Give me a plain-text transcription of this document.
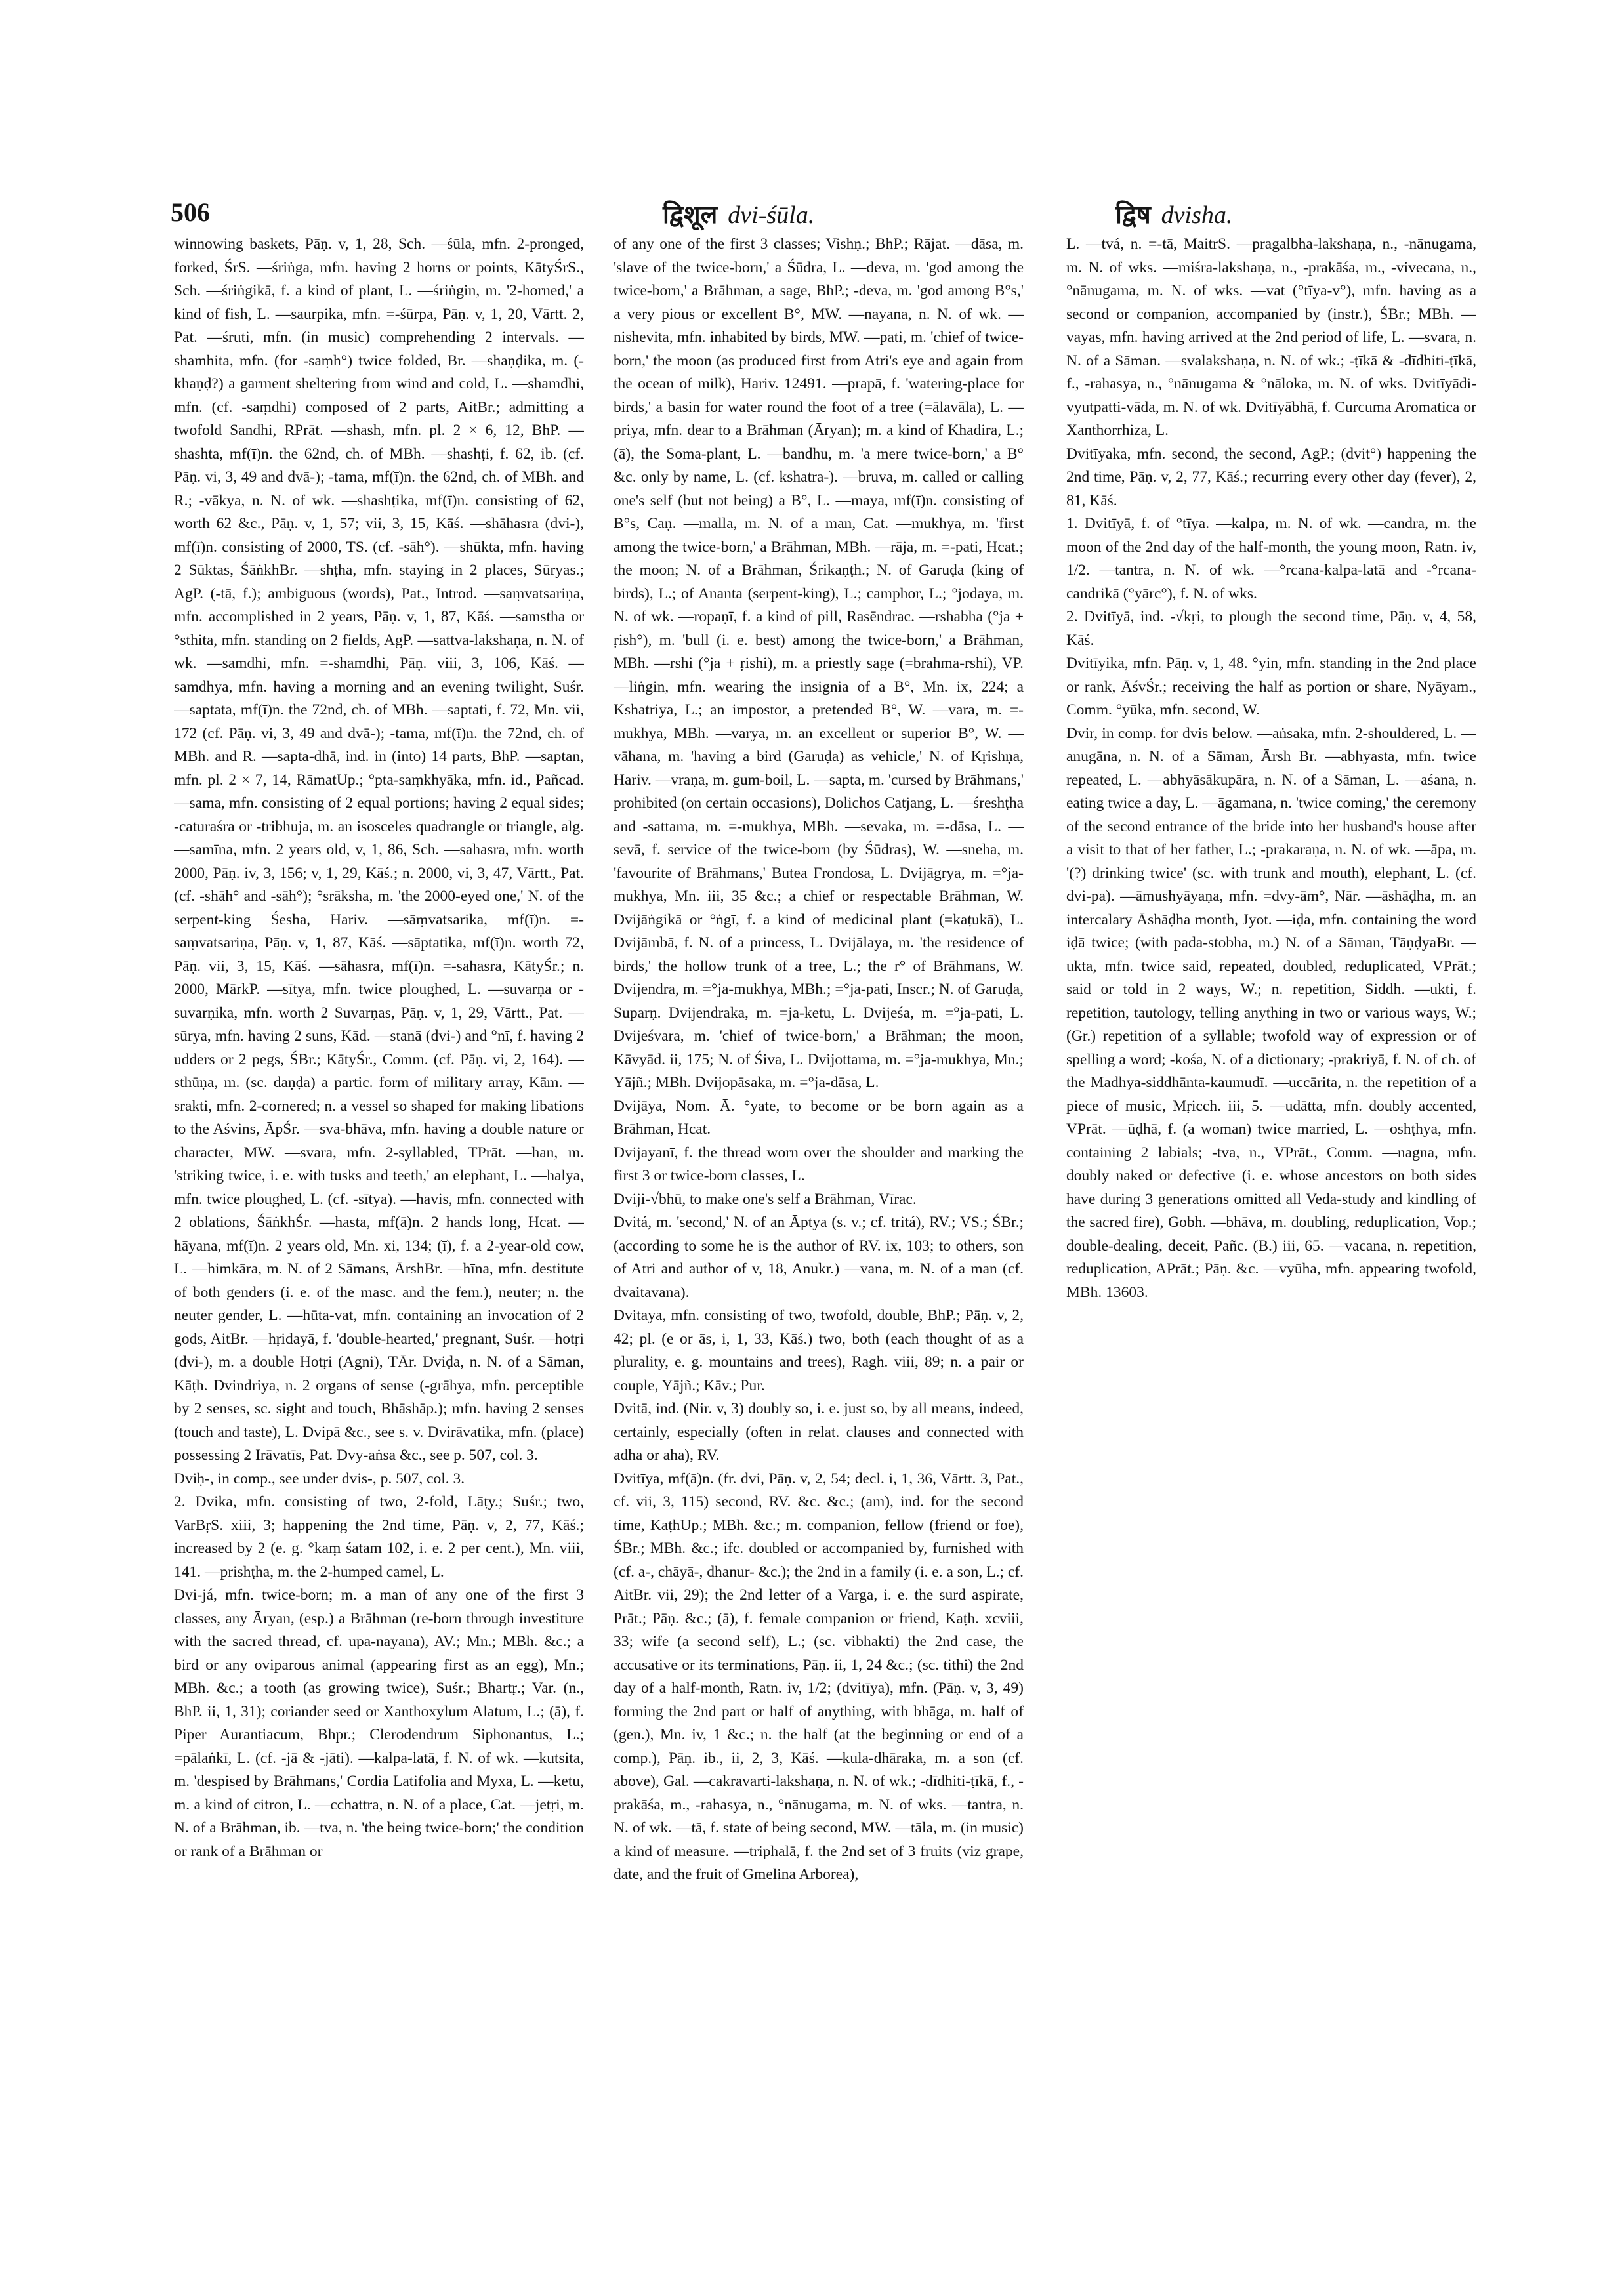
506	द्विशूल dvi-śūla.	द्विष dvisha.

winnowing baskets, Pāṇ. v, 1, 28, Sch. —śūla, mfn. 2-pronged, forked, ŚrS. —śriṅga, mfn. having 2 horns or points, KātyŚrS., Sch. —śriṅgikā, f. a kind of plant, L. —śriṅgin, m. '2-horned,' a kind of fish, L. —saurpika, mfn. =-śūrpa, Pāṇ. v, 1, 20, Vārtt. 2, Pat. —śruti, mfn. (in music) comprehending 2 intervals. —shamhita, mfn. (for -saṃh°) twice folded, Br. —shaṇḍika, m. (-khaṇḍ?) a garment sheltering from wind and cold, L. —shamdhi, mfn. (cf. -saṃdhi) composed of 2 parts, AitBr.; admitting a twofold Sandhi, RPrāt. —shash, mfn. pl. 2 × 6, 12, BhP. —shashta, mf(ī)n. the 62nd, ch. of MBh. —shashṭi, f. 62, ib. (cf. Pāṇ. vi, 3, 49 and dvā-); -tama, mf(ī)n. the 62nd, ch. of MBh. and R.; -vākya, n. N. of wk. —shashṭika, mf(ī)n. consisting of 62, worth 62 &c., Pāṇ. v, 1, 57; vii, 3, 15, Kāś. —shāhasra (dvi-), mf(ī)n. consisting of 2000, TS. (cf. -sāh°). —shūkta, mfn. having 2 Sūktas, ŚāṅkhBr. —shṭha, mfn. staying in 2 places, Sūryas.; AgP. (-tā, f.); ambiguous (words), Pat., Introd. —saṃvatsariṇa, mfn. accomplished in 2 years, Pāṇ. v, 1, 87, Kāś. —samstha or °sthita, mfn. standing on 2 fields, AgP. —sattva-lakshaṇa, n. N. of wk. —samdhi, mfn. =-shamdhi, Pāṇ. viii, 3, 106, Kāś. —samdhya, mfn. having a morning and an evening twilight, Suśr. —saptata, mf(ī)n. the 72nd, ch. of MBh. —saptati, f. 72, Mn. vii, 172 (cf. Pāṇ. vi, 3, 49 and dvā-); -tama, mf(ī)n. the 72nd, ch. of MBh. and R. —sapta-dhā, ind. in (into) 14 parts, BhP. —saptan, mfn. pl. 2 × 7, 14, RāmatUp.; °pta-saṃkhyāka, mfn. id., Pañcad. —sama, mfn. consisting of 2 equal portions; having 2 equal sides; -caturaśra or -tribhuja, m. an isosceles quadrangle or triangle, alg. —samīna, mfn. 2 years old, v, 1, 86, Sch. —sahasra, mfn. worth 2000, Pāṇ. iv, 3, 156; v, 1, 29, Kāś.; n. 2000, vi, 3, 47, Vārtt., Pat. (cf. -shāh° and -sāh°); °srāksha, m. 'the 2000-eyed one,' N. of the serpent-king Śesha, Hariv. —sāṃvatsarika, mf(ī)n. =-saṃvatsariṇa, Pāṇ. v, 1, 87, Kāś. —sāptatika, mf(ī)n. worth 72, Pāṇ. vii, 3, 15, Kāś. —sāhasra, mf(ī)n. =-sahasra, KātyŚr.; n. 2000, MārkP. —sītya, mfn. twice ploughed, L. —suvarṇa or -suvarṇika, mfn. worth 2 Suvarṇas, Pāṇ. v, 1, 29, Vārtt., Pat. —sūrya, mfn. having 2 suns, Kād. —stanā (dvi-) and °nī, f. having 2 udders or 2 pegs, ŚBr.; KātyŚr., Comm. (cf. Pāṇ. vi, 2, 164). —sthūṇa, m. (sc. daṇḍa) a partic. form of military array, Kām. —srakti, mfn. 2-cornered; n. a vessel so shaped for making libations to the Aśvins, ĀpŚr. —sva-bhāva, mfn. having a double nature or character, MW. —svara, mfn. 2-syllabled, TPrāt. —han, m. 'striking twice, i. e. with tusks and teeth,' an elephant, L. —halya, mfn. twice ploughed, L. (cf. -sītya). —havis, mfn. connected with 2 oblations, ŚāṅkhŚr. —hasta, mf(ā)n. 2 hands long, Hcat. —hāyana, mf(ī)n. 2 years old, Mn. xi, 134; (ī), f. a 2-year-old cow, L. —himkāra, m. N. of 2 Sāmans, ĀrshBr. —hīna, mfn. destitute of both genders (i. e. of the masc. and the fem.), neuter; n. the neuter gender, L. —hūta-vat, mfn. containing an invocation of 2 gods, AitBr. —hṛidayā, f. 'double-hearted,' pregnant, Suśr. —hotṛi (dvi-), m. a double Hotṛi (Agni), TĀr. Dviḍa, n. N. of a Sāman, Kāṭh. Dvindriya, n. 2 organs of sense (-grāhya, mfn. perceptible by 2 senses, sc. sight and touch, Bhāshāp.); mfn. having 2 senses (touch and taste), L. Dvipā &c., see s. v. Dvirāvatika, mfn. (place) possessing 2 Irāvatīs, Pat. Dvy-aṅsa &c., see p. 507, col. 3.

Dviḥ-, in comp., see under dvis-, p. 507, col. 3.

2. Dvika, mfn. consisting of two, 2-fold, Lāṭy.; Suśr.; two, VarBṛS. xiii, 3; happening the 2nd time, Pāṇ. v, 2, 77, Kāś.; increased by 2 (e. g. °kaṃ śatam 102, i. e. 2 per cent.), Mn. viii, 141. —prishṭha, m. the 2-humped camel, L.

Dvi-já, mfn. twice-born; m. a man of any one of the first 3 classes, any Āryan, (esp.) a Brāhman (re-born through investiture with the sacred thread, cf. upa-nayana), AV.; Mn.; MBh. &c.; a bird or any oviparous animal (appearing first as an egg), Mn.; MBh. &c.; a tooth (as growing twice), Suśr.; Bhartṛ.; Var. (n., BhP. ii, 1, 31); coriander seed or Xanthoxylum Alatum, L.; (ā), f. Piper Aurantiacum, Bhpr.; Clerodendrum Siphonantus, L.; =pālaṅkī, L. (cf. -jā & -jāti). —kalpa-latā, f. N. of wk. —kutsita, m. 'despised by Brāhmans,' Cordia Latifolia and Myxa, L. —ketu, m. a kind of citron, L. —cchattra, n. N. of a place, Cat. —jetṛi, m. N. of a Brāhman, ib. —tva, n. 'the being twice-born;' the condition or rank of a Brāhman or

of any one of the first 3 classes; Vishṇ.; BhP.; Rājat. —dāsa, m. 'slave of the twice-born,' a Śūdra, L. —deva, m. 'god among the twice-born,' a Brāhman, a sage, BhP.; -deva, m. 'god among B°s,' a very pious or excellent B°, MW. —nayana, n. N. of wk. —nishevita, mfn. inhabited by birds, MW. —pati, m. 'chief of twice-born,' the moon (as produced first from Atri's eye and again from the ocean of milk), Hariv. 12491. —prapā, f. 'watering-place for birds,' a basin for water round the foot of a tree (=ālavāla), L. —priya, mfn. dear to a Brāhman (Āryan); m. a kind of Khadira, L.; (ā), the Soma-plant, L. —bandhu, m. 'a mere twice-born,' a B° &c. only by name, L. (cf. kshatra-). —bruva, m. called or calling one's self (but not being) a B°, L. —maya, mf(ī)n. consisting of B°s, Caṇ. —malla, m. N. of a man, Cat. —mukhya, m. 'first among the twice-born,' a Brāhman, MBh. —rāja, m. =-pati, Hcat.; the moon; N. of a Brāhman, Śrikaṇṭh.; N. of Garuḍa (king of birds), L.; of Ananta (serpent-king), L.; camphor, L.; °jodaya, m. N. of wk. —ropaṇī, f. a kind of pill, Rasēndrac. —rshabha (°ja + ṛish°), m. 'bull (i. e. best) among the twice-born,' a Brāhman, MBh. —rshi (°ja + ṛishi), m. a priestly sage (=brahma-rshi), VP. —liṅgin, mfn. wearing the insignia of a B°, Mn. ix, 224; a Kshatriya, L.; an impostor, a pretended B°, W. —vara, m. =-mukhya, MBh. —varya, m. an excellent or superior B°, W. —vāhana, m. 'having a bird (Garuḍa) as vehicle,' N. of Kṛishṇa, Hariv. —vraṇa, m. gum-boil, L. —sapta, m. 'cursed by Brāhmans,' prohibited (on certain occasions), Dolichos Catjang, L. —śreshṭha and -sattama, m. =-mukhya, MBh. —sevaka, m. =-dāsa, L. —sevā, f. service of the twice-born (by Śūdras), W. —sneha, m. 'favourite of Brāhmans,' Butea Frondosa, L. Dvijāgrya, m. =°ja-mukhya, Mn. iii, 35 &c.; a chief or respectable Brāhman, W. Dvijāṅgikā or °ṅgī, f. a kind of medicinal plant (=kaṭukā), L. Dvijāmbā, f. N. of a princess, L. Dvijālaya, m. 'the residence of birds,' the hollow trunk of a tree, L.; the r° of Brāhmans, W. Dvijendra, m. =°ja-mukhya, MBh.; =°ja-pati, Inscr.; N. of Garuḍa, Suparṇ. Dvijendraka, m. =ja-ketu, L. Dvijeśa, m. =°ja-pati, L. Dvijeśvara, m. 'chief of twice-born,' a Brāhman; the moon, Kāvyād. ii, 175; N. of Śiva, L. Dvijottama, m. =°ja-mukhya, Mn.; Yājñ.; MBh. Dvijopāsaka, m. =°ja-dāsa, L.

Dvijāya, Nom. Ā. °yate, to become or be born again as a Brāhman, Hcat.

Dvijayanī, f. the thread worn over the shoulder and marking the first 3 or twice-born classes, L.

Dviji-√bhū, to make one's self a Brāhman, Vīrac.

Dvitá, m. 'second,' N. of an Āptya (s. v.; cf. tritá), RV.; VS.; ŚBr.; (according to some he is the author of RV. ix, 103; to others, son of Atri and author of v, 18, Anukr.) —vana, m. N. of a man (cf. dvaitavana).

Dvitaya, mfn. consisting of two, twofold, double, BhP.; Pāṇ. v, 2, 42; pl. (e or ās, i, 1, 33, Kāś.) two, both (each thought of as a plurality, e. g. mountains and trees), Ragh. viii, 89; n. a pair or couple, Yājñ.; Kāv.; Pur.

Dvitā, ind. (Nir. v, 3) doubly so, i. e. just so, by all means, indeed, certainly, especially (often in relat. clauses and connected with adha or aha), RV.

Dvitīya, mf(ā)n. (fr. dvi, Pāṇ. v, 2, 54; decl. i, 1, 36, Vārtt. 3, Pat., cf. vii, 3, 115) second, RV. &c. &c.; (am), ind. for the second time, KaṭhUp.; MBh. &c.; m. companion, fellow (friend or foe), ŚBr.; MBh. &c.; ifc. doubled or accompanied by, furnished with (cf. a-, chāyā-, dhanur- &c.); the 2nd in a family (i. e. a son, L.; cf. AitBr. vii, 29); the 2nd letter of a Varga, i. e. the surd aspirate, Prāt.; Pāṇ. &c.; (ā), f. female companion or friend, Kaṭh. xcviii, 33; wife (a second self), L.; (sc. vibhakti) the 2nd case, the accusative or its terminations, Pāṇ. ii, 1, 24 &c.; (sc. tithi) the 2nd day of a half-month, Ratn. iv, 1/2; (dvitīya), mfn. (Pāṇ. v, 3, 49) forming the 2nd part or half of anything, with bhāga, m. half of (gen.), Mn. iv, 1 &c.; n. the half (at the beginning or end of a comp.), Pāṇ. ib., ii, 2, 3, Kāś. —kula-dhāraka, m. a son (cf. above), Gal. —cakravarti-lakshaṇa, n. N. of wk.; -dīdhiti-ṭīkā, f., -prakāśa, m., -rahasya, n., °nānugama, m. N. of wks. —tantra, n. N. of wk. —tā, f. state of being second, MW. —tāla, m. (in music) a kind of measure. —triphalā, f. the 2nd set of 3 fruits (viz grape, date, and the fruit of Gmelina Arborea),

L. —tvá, n. =-tā, MaitrS. —pragalbha-lakshaṇa, n., -nānugama, m. N. of wks. —miśra-lakshaṇa, n., -prakāśa, m., -vivecana, n., °nānugama, m. N. of wks. —vat (°tīya-v°), mfn. having as a second or companion, accompanied by (instr.), ŚBr.; MBh. —vayas, mfn. having arrived at the 2nd period of life, L. —svara, n. N. of a Sāman. —svalakshaṇa, n. N. of wk.; -ṭīkā & -dīdhiti-ṭīkā, f., -rahasya, n., °nānugama & °nāloka, m. N. of wks. Dvitīyādi-vyutpatti-vāda, m. N. of wk. Dvitīyābhā, f. Curcuma Aromatica or Xanthorrhiza, L.

Dvitīyaka, mfn. second, the second, AgP.; (dvit°) happening the 2nd time, Pāṇ. v, 2, 77, Kāś.; recurring every other day (fever), 2, 81, Kāś.

1. Dvitīyā, f. of °tīya. —kalpa, m. N. of wk. —candra, m. the moon of the 2nd day of the half-month, the young moon, Ratn. iv, 1/2. —tantra, n. N. of wk. —°rcana-kalpa-latā and -°rcana-candrikā (°yārc°), f. N. of wks.

2. Dvitīyā, ind. -√kṛi, to plough the second time, Pāṇ. v, 4, 58, Kāś.

Dvitīyika, mfn. Pāṇ. v, 1, 48. °yin, mfn. standing in the 2nd place or rank, ĀśvŚr.; receiving the half as portion or share, Nyāyam., Comm. °yūka, mfn. second, W.

Dvir, in comp. for dvis below. —aṅsaka, mfn. 2-shouldered, L. —anugāna, n. N. of a Sāman, Ārsh Br. —abhyasta, mfn. twice repeated, L. —abhyāsākupāra, n. N. of a Sāman, L. —aśana, n. eating twice a day, L. —āgamana, n. 'twice coming,' the ceremony of the second entrance of the bride into her husband's house after a visit to that of her father, L.; -prakaraṇa, n. N. of wk. —āpa, m. '(?) drinking twice' (sc. with trunk and mouth), elephant, L. (cf. dvi-pa). —āmushyāyaṇa, mfn. =dvy-ām°, Nār. —āshāḍha, m. an intercalary Āshāḍha month, Jyot. —iḍa, mfn. containing the word iḍā twice; (with pada-stobha, m.) N. of a Sāman, TāṇḍyaBr. —ukta, mfn. twice said, repeated, doubled, reduplicated, VPrāt.; said or told in 2 ways, W.; n. repetition, Siddh. —ukti, f. repetition, tautology, telling anything in two or various ways, W.; (Gr.) repetition of a syllable; twofold way of expression or of spelling a word; -kośa, N. of a dictionary; -prakriyā, f. N. of ch. of the Madhya-siddhānta-kaumudī. —uccārita, n. the repetition of a piece of music, Mṛicch. iii, 5. —udātta, mfn. doubly accented, VPrāt. —ūḍhā, f. (a woman) twice married, L. —oshṭhya, mfn. containing 2 labials; -tva, n., VPrāt., Comm. —nagna, mfn. doubly naked or defective (i. e. whose ancestors on both sides have during 3 generations omitted all Veda-study and kindling of the sacred fire), Gobh. —bhāva, m. doubling, reduplication, Vop.; double-dealing, deceit, Pañc. (B.) iii, 65. —vacana, n. repetition, reduplication, APrāt.; Pāṇ. &c. —vyūha, mfn. appearing twofold, MBh. 13603.
